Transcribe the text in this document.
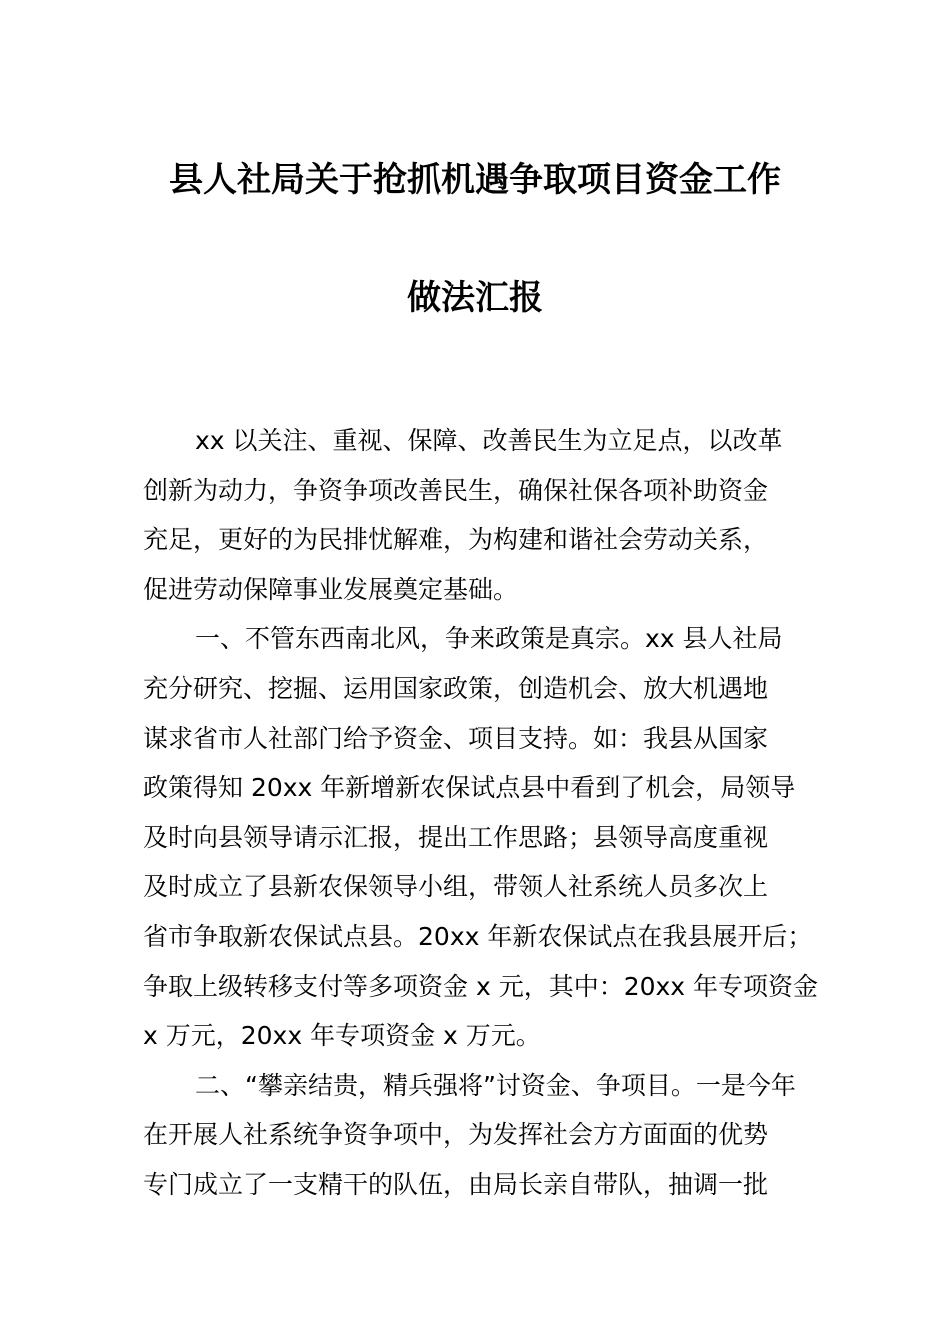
县人社局关于抢抓机遇争取项目资金工作
做法汇报
xx 以关注、重视、保障、改善民生为立足点，以改革
创新为动力，争资争项改善民生，确保社保各项补助资金
充足，更好的为民排忧解难，为构建和谐社会劳动关系，
促进劳动保障事业发展奠定基础。
一、不管东西南北风，争来政策是真宗。xx 县人社局
充分研究、挖掘、运用国家政策，创造机会、放大机遇地
谋求省市人社部门给予资金、项目支持。如：我县从国家
政策得知 20xx 年新增新农保试点县中看到了机会，局领导
及时向县领导请示汇报，提出工作思路；县领导高度重视
及时成立了县新农保领导小组，带领人社系统人员多次上
省市争取新农保试点县。20xx 年新农保试点在我县展开后；
争取上级转移支付等多项资金 x 元，其中：20xx 年专项资金
x 万元，20xx 年专项资金 x 万元。
二、“攀亲结贵，精兵强将”讨资金、争项目。一是今年
在开展人社系统争资争项中，为发挥社会方方面面的优势
专门成立了一支精干的队伍，由局长亲自带队，抽调一批
